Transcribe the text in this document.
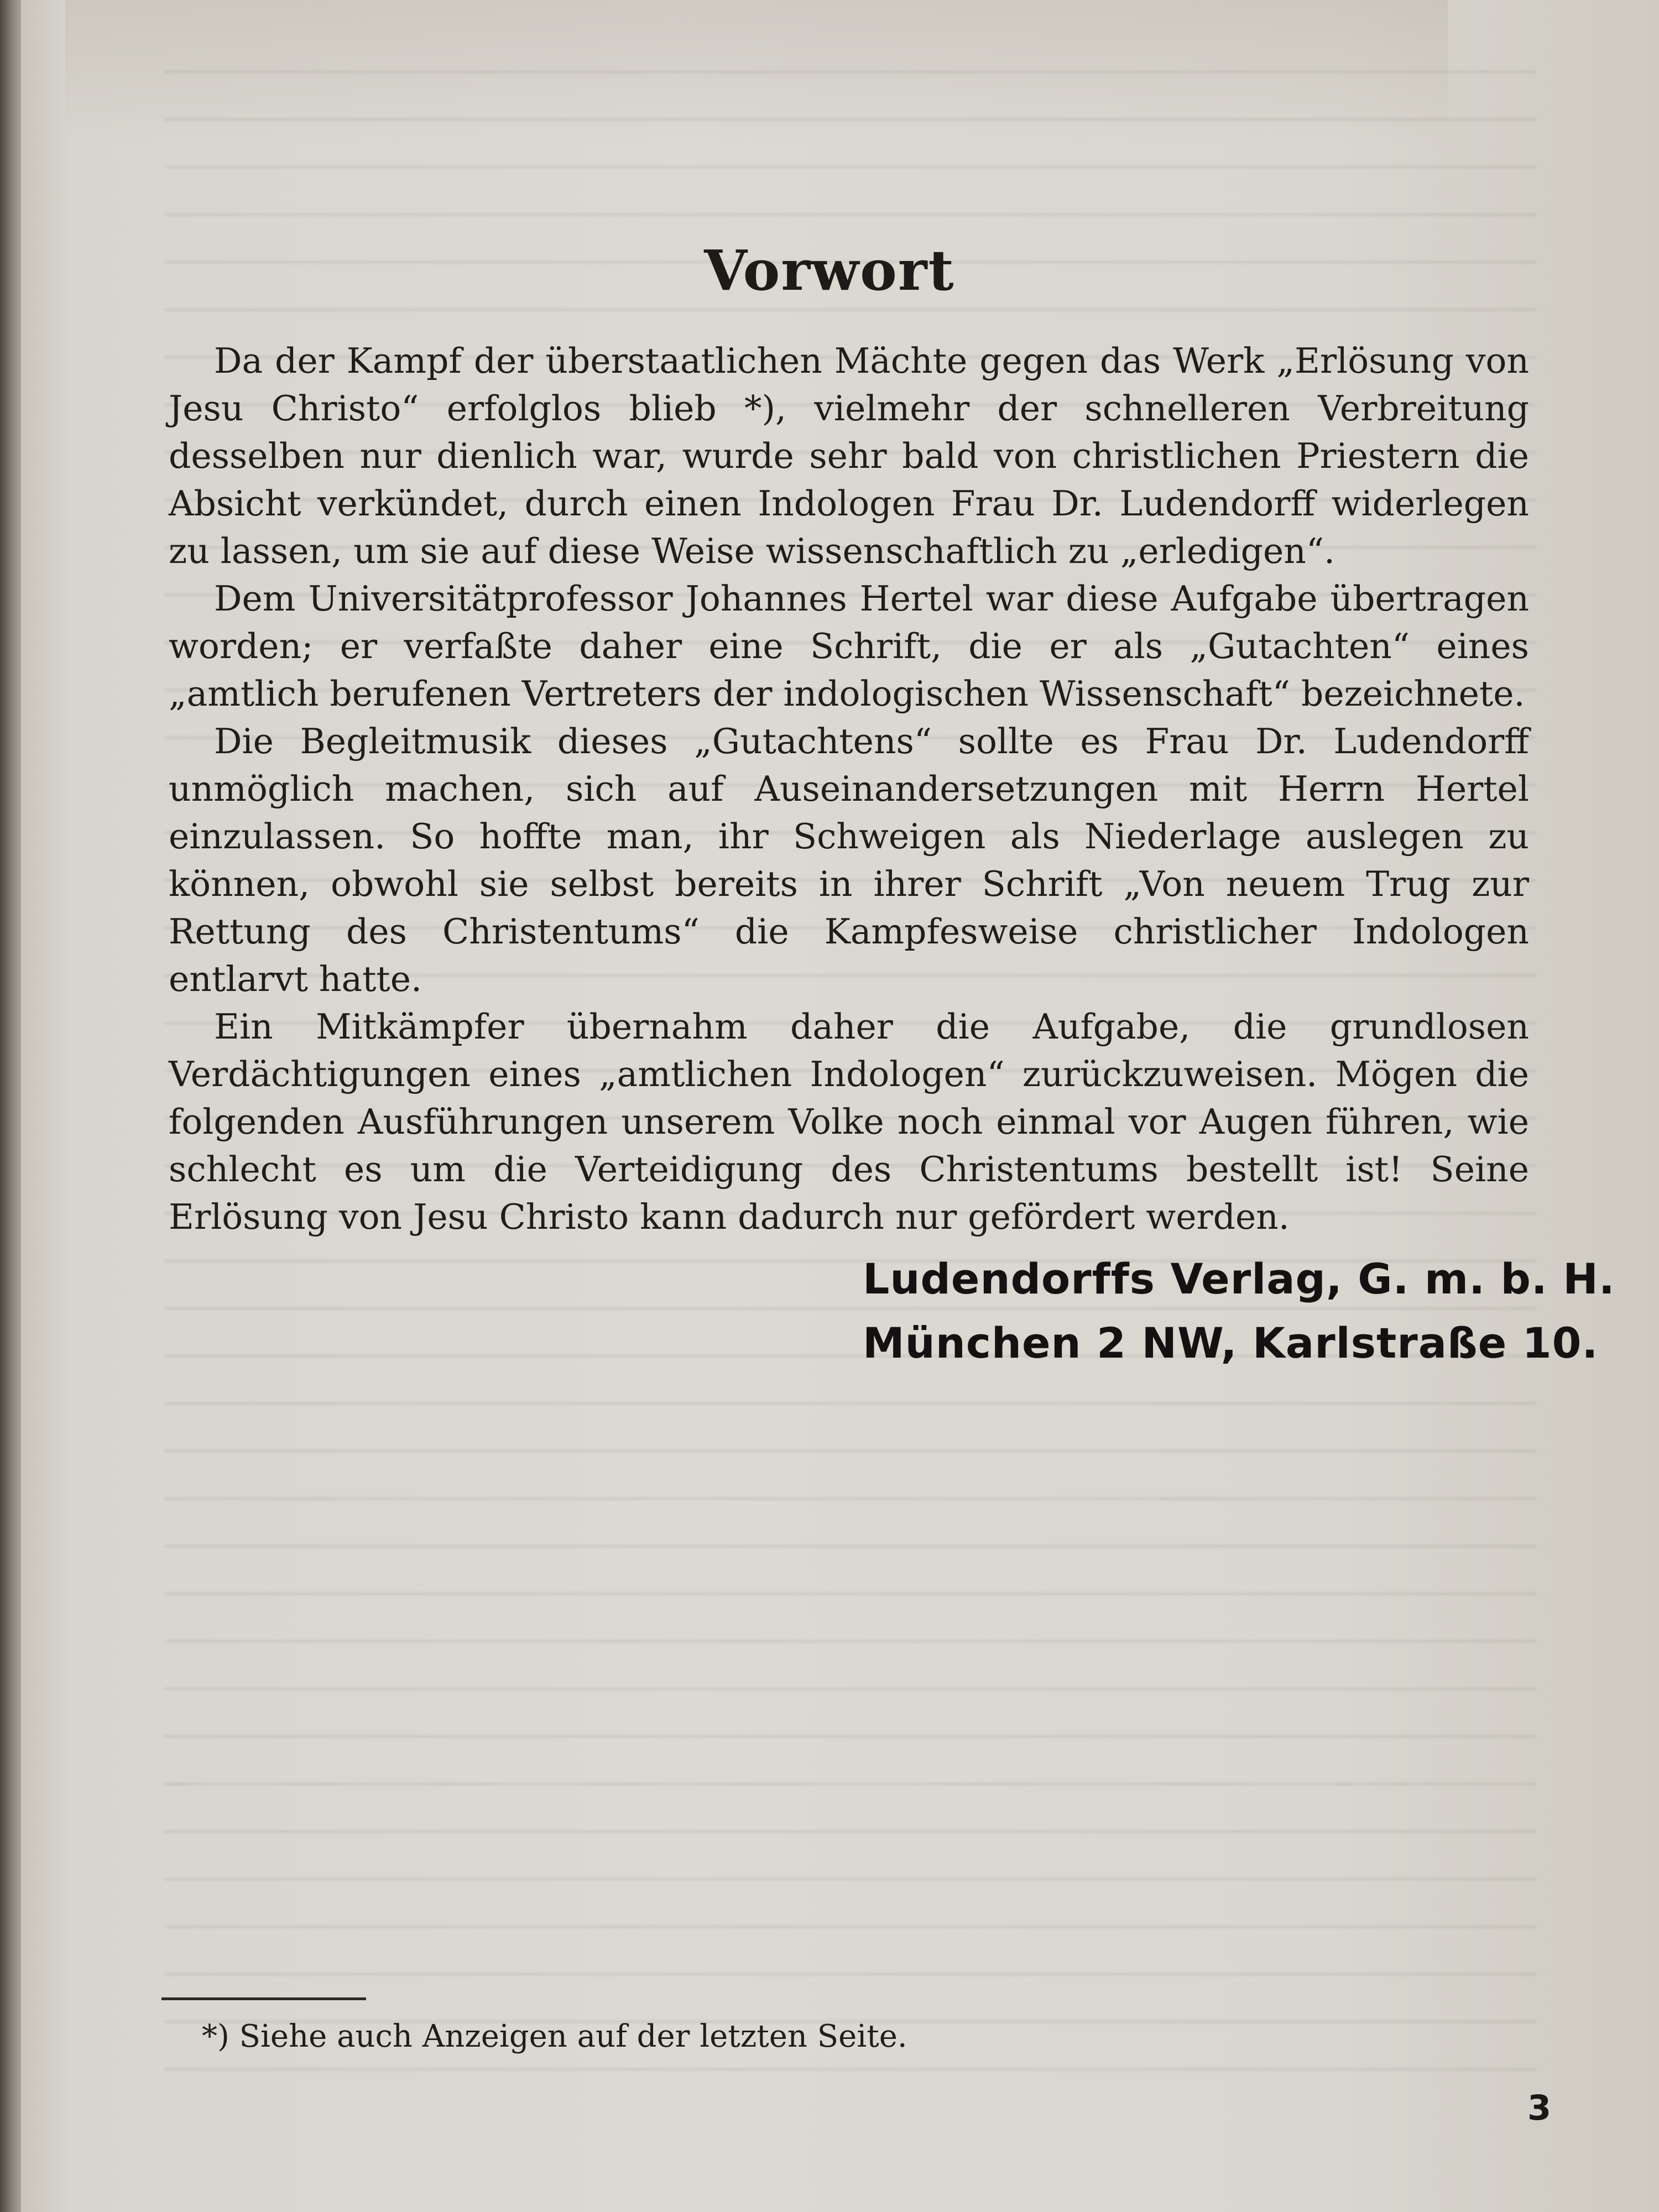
Vorwort

Da der Kampf der überstaatlichen Mächte gegen das Werk „Erlösung von Jesu Christo“ erfolglos blieb *), vielmehr der schnelleren Verbreitung desselben nur dienlich war, wurde sehr bald von christlichen Priestern die Absicht verkündet, durch einen Indologen Frau Dr. Ludendorff widerlegen zu lassen, um sie auf diese Weise wissenschaftlich zu „erledigen“.

Dem Universitätprofessor Johannes Hertel war diese Aufgabe übertragen worden; er verfaßte daher eine Schrift, die er als „Gutachten“ eines „amtlich berufenen Vertreters der indologischen Wissenschaft“ bezeichnete.

Die Begleitmusik dieses „Gutachtens“ sollte es Frau Dr. Ludendorff unmöglich machen, sich auf Auseinandersetzungen mit Herrn Hertel einzulassen. So hoffte man, ihr Schweigen als Niederlage auslegen zu können, obwohl sie selbst bereits in ihrer Schrift „Von neuem Trug zur Rettung des Christentums“ die Kampfesweise christlicher Indologen entlarvt hatte.

Ein Mitkämpfer übernahm daher die Aufgabe, die grundlosen Verdächtigungen eines „amtlichen Indologen“ zurückzuweisen. Mögen die folgenden Ausführungen unserem Volke noch einmal vor Augen führen, wie schlecht es um die Verteidigung des Christentums bestellt ist! Seine Erlösung von Jesu Christo kann dadurch nur gefördert werden.

Ludendorffs Verlag, G. m. b. H.
München 2 NW, Karlstraße 10.
*) Siehe auch Anzeigen auf der letzten Seite.
3
